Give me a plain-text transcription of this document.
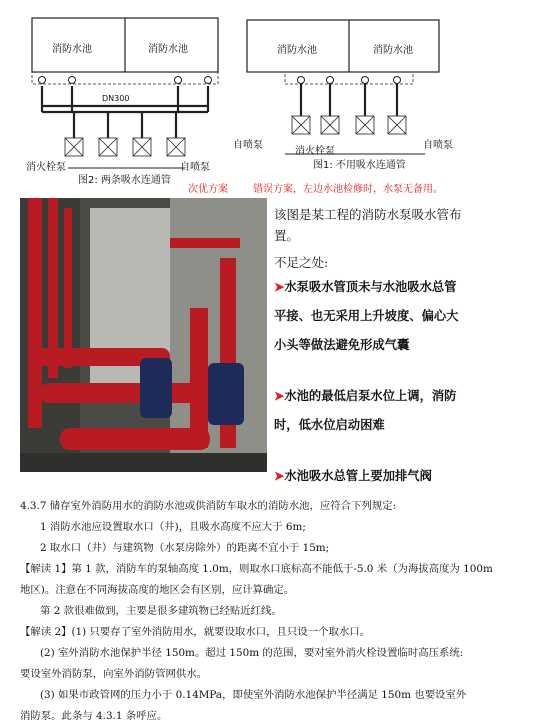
消防水池	消防水池
DN300
消火栓泵	自喷泵
图2: 两条吸水连通管
次优方案
消防水池	消防水池
自喷泵
消火栓泵
自喷泵
图1: 不用吸水连通管
错误方案，左边水池检修时，水泵无备用。
该图是某工程的消防水泵吸水管布
置。
不足之处:
➤水泵吸水管顶未与水池吸水总管
平接、也无采用上升坡度、偏心大
小头等做法避免形成气囊
➤水池的最低启泵水位上调，消防
时，低水位启动困难
➤水池吸水总管上要加排气阀
4.3.7 储存室外消防用水的消防水池或供消防车取水的消防水池，应符合下列规定:
1 消防水池应设置取水口（井)，且吸水高度不应大于 6m;
2 取水口（井）与建筑物（水泵房除外）的距离不宜小于 15m;
【解读 1】第 1 款，消防车的泵轴高度 1.0m，则取水口底标高不能低于-5.0 米（为海拔高度为 100m
地区)。注意在不同海拔高度的地区会有区别，应计算确定。
第 2 款很难做到，主要是很多建筑物已经贴近红线。
【解读 2】(1) 只要存了室外消防用水，就要设取水口，且只设一个取水口。
(2) 室外消防水池保护半径 150m。超过 150m 的范围，要对室外消火栓设置临时高压系统:
要设室外消防泵，向室外消防管网供水。
(3) 如果市政管网的压力小于 0.14MPa，即使室外消防水池保护半径满足 150m 也要设室外
消防泵。此条与 4.3.1 条呼应。
